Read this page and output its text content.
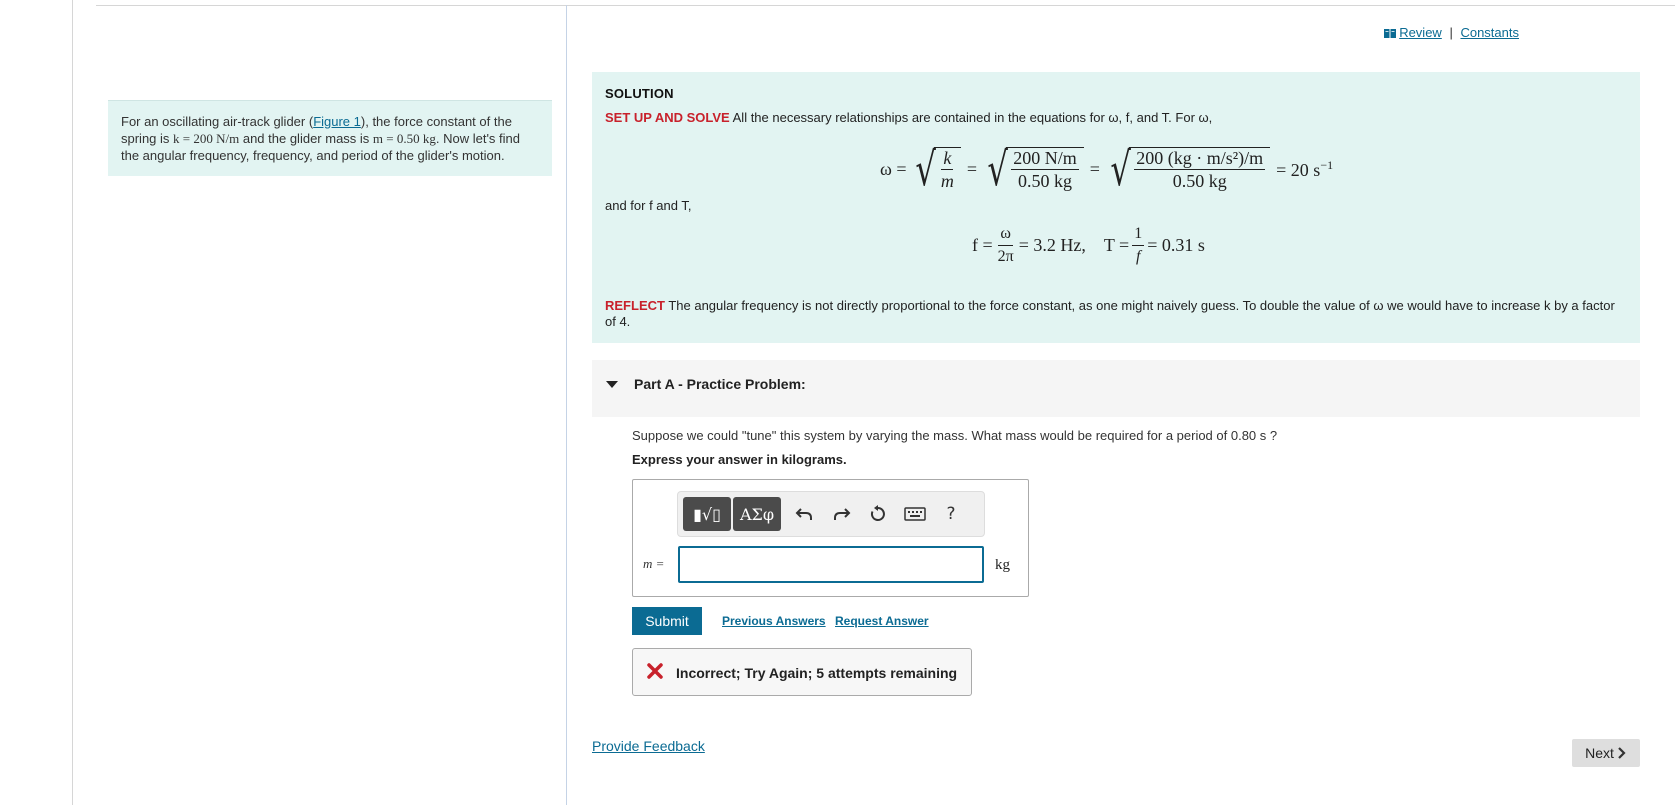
Review | Constants
For an oscillating air-track glider (Figure 1), the force constant of the spring is k = 200 N/m and the glider mass is m = 0.50 kg. Now let's find the angular frequency, frequency, and period of the glider's motion.
SOLUTION
SET UP AND SOLVE All the necessary relationships are contained in the equations for ω, f, and T. For ω,
ω = √ $\frac{k}{m}$ = √ $\frac{200 N/m}{0.50 kg}$ = √ $\frac{\text{200 (kg · m/s²)/m}}{0.50 kg} = 20$ $s^{-1}$
and for f and T,
$f = \frac{\omega}{2\pi} = 3.2$ Hz, $T = \frac{1}{f} = 0.31$ s
REFLECT The angular frequency is not directly proportional to the force constant, as one might naively guess. To double the value of ω we would have to increase k by a factor of 4.
Part A - Practice Problem:
Suppose we could "tune" this system by varying the mass. What mass would be required for a period of 0.80 s ?
Express your answer in kilograms.
▮√▯ ΑΣφ	?
m =	kg
Submit	Previous Answers Request Answer
Incorrect; Try Again; 5 attempts remaining
Provide Feedback	Next
